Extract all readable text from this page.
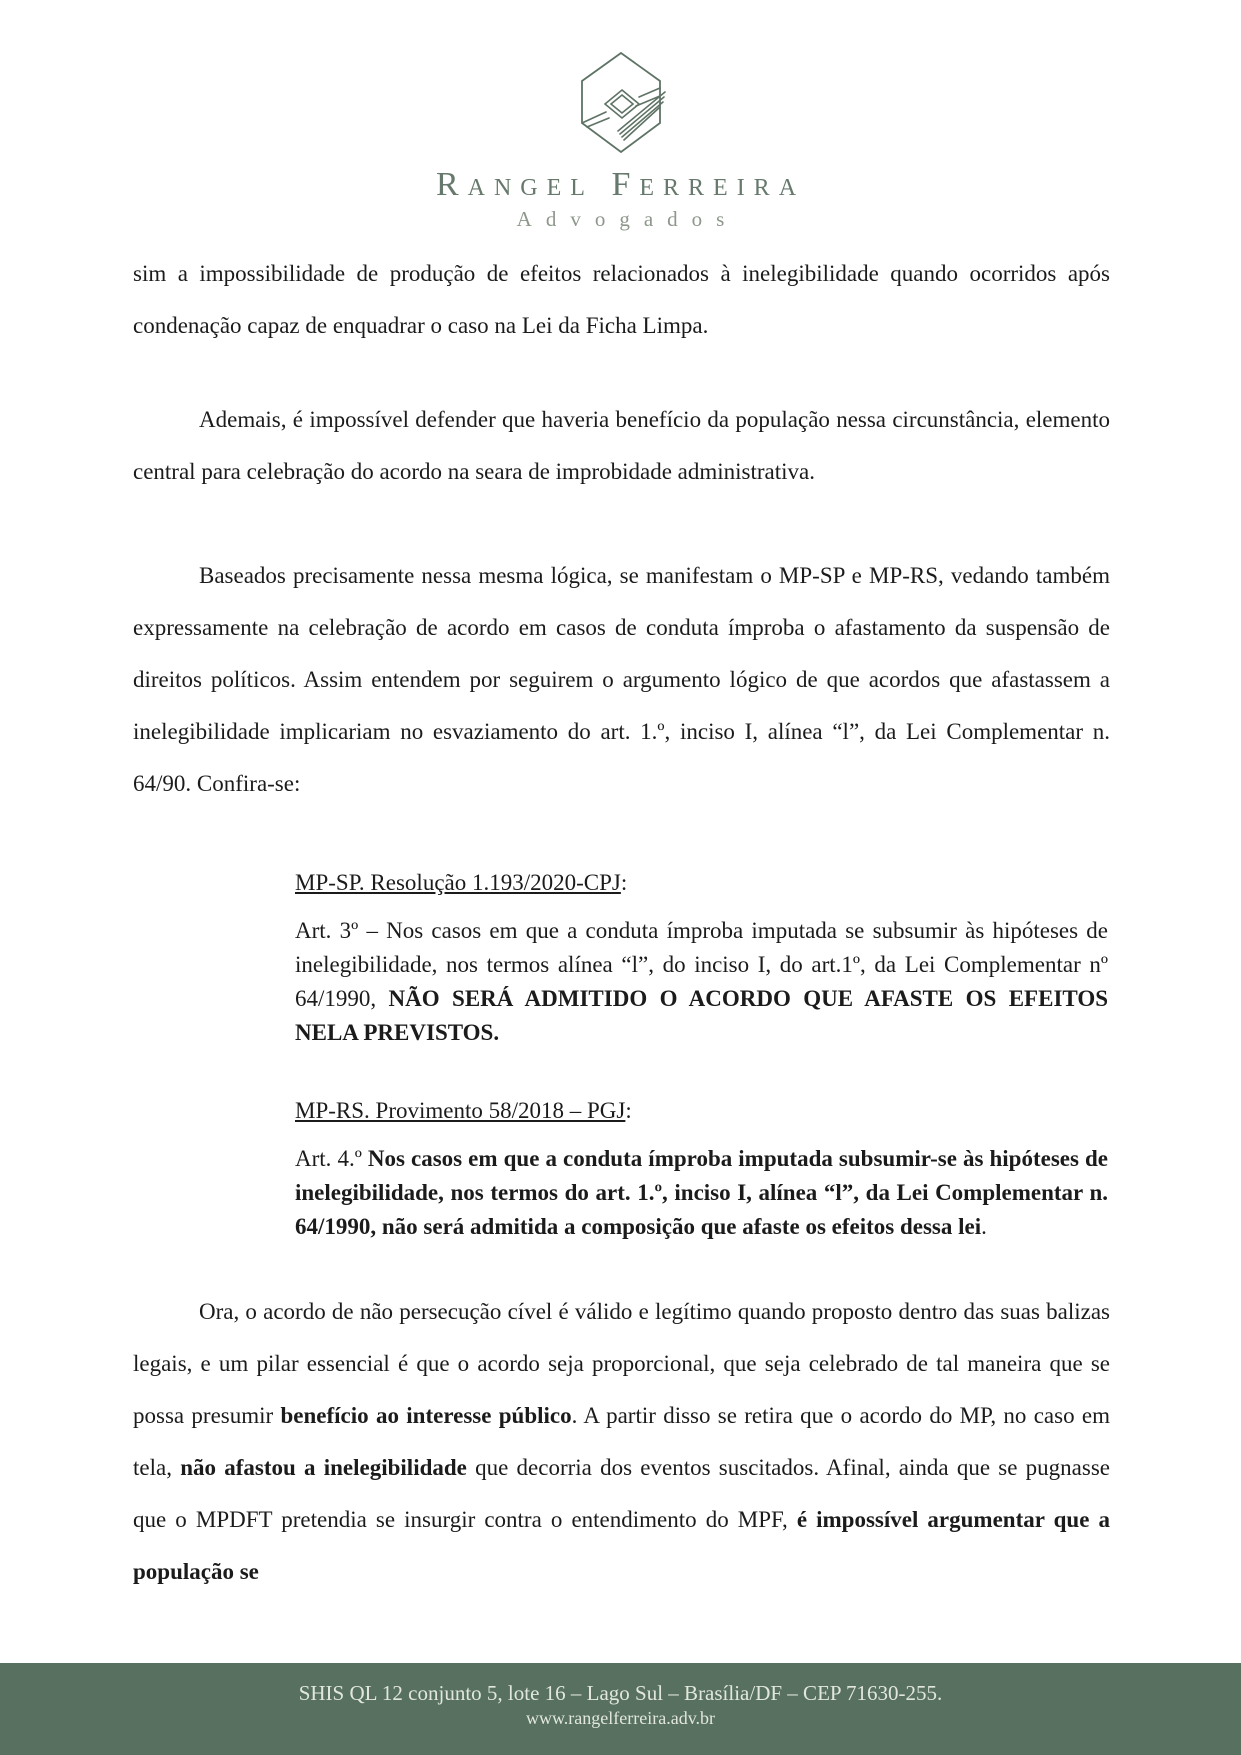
Rangel Ferreira
Advogados

sim a impossibilidade de produção de efeitos relacionados à inelegibilidade quando ocorridos após condenação capaz de enquadrar o caso na Lei da Ficha Limpa.

Ademais, é impossível defender que haveria benefício da população nessa circunstância, elemento central para celebração do acordo na seara de improbidade administrativa.

Baseados precisamente nessa mesma lógica, se manifestam o MP-SP e MP-RS, vedando também expressamente na celebração de acordo em casos de conduta ímproba o afastamento da suspensão de direitos políticos. Assim entendem por seguirem o argumento lógico de que acordos que afastassem a inelegibilidade implicariam no esvaziamento do art. 1.º, inciso I, alínea “l”, da Lei Complementar n. 64/90. Confira-se:

MP-SP. Resolução 1.193/2020-CPJ:
Art. 3º – Nos casos em que a conduta ímproba imputada se subsumir às hipóteses de inelegibilidade, nos termos alínea “l”, do inciso I, do art.1º, da Lei Complementar nº 64/1990, NÃO SERÁ ADMITIDO O ACORDO QUE AFASTE OS EFEITOS NELA PREVISTOS.
MP-RS. Provimento 58/2018 – PGJ:
Art. 4.º Nos casos em que a conduta ímproba imputada subsumir-se às hipóteses de inelegibilidade, nos termos do art. 1.º, inciso I, alínea “l”, da Lei Complementar n. 64/1990, não será admitida a composição que afaste os efeitos dessa lei.

Ora, o acordo de não persecução cível é válido e legítimo quando proposto dentro das suas balizas legais, e um pilar essencial é que o acordo seja proporcional, que seja celebrado de tal maneira que se possa presumir benefício ao interesse público. A partir disso se retira que o acordo do MP, no caso em tela, não afastou a inelegibilidade que decorria dos eventos suscitados. Afinal, ainda que se pugnasse que o MPDFT pretendia se insurgir contra o entendimento do MPF, é impossível argumentar que a população se

SHIS QL 12 conjunto 5, lote 16 – Lago Sul – Brasília/DF – CEP 71630-255.
www.rangelferreira.adv.br
